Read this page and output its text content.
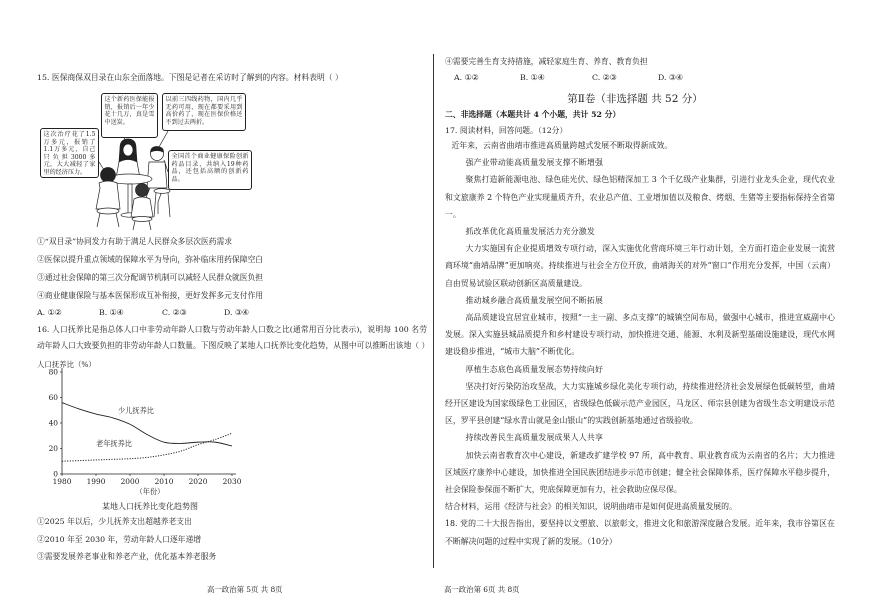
15. 医保商保双目录在山东全面落地。下图是记者在采访时了解到的内容。材料表明（ ）
这个新药医保能报销，报销后一年少花十几万，真是雪中送炭。
以前三四线药物，国内几乎无药可用，现在都要采用到高价药了，现在医保价格还不到过去两折。
这次治疗花了1.5万多元，报销了1.1万多元，自己只负担3000多元，大大减轻了家里的经济压力。
全国首个商业健康保险创新药品目录，共纳入19种药品，还包括高额的创新药品。
①“双目录”协同发力有助于满足人民群众多层次医药需求
②医保以提升重点领域的保障水平为导向，弥补临床用药保障空白
③通过社会保障的第三次分配调节机制可以减轻人民群众就医负担
④商业健康保险与基本医保形成互补衔接，更好发挥多元支付作用
A. ①②	B. ①④	C. ②③	D. ③④
16. 人口抚养比是指总体人口中非劳动年龄人口数与劳动年龄人口数之比(通常用百分比表示)，说明每 100 名劳动年龄人口大致要负担的非劳动年龄人口数量。下图反映了某地人口抚养比变化趋势，从图中可以推断出该地（ ）
人口抚养比（%）
0
20
40
60
80
1980 1990 2000 2010 2020 2030
少儿抚养比
老年抚养比
（年份）
某地人口抚养比变化趋势图
①2025 年以后，少儿抚养支出超越养老支出
②2010 年至 2030 年，劳动年龄人口逐年递增
③需要发展养老事业和养老产业，优化基本养老服务
④需要完善生育支持措施，减轻家庭生育、养育、教育负担
A. ①②	B. ①④	C. ②③	D. ③④
第Ⅱ卷（非选择题 共 52 分）
二、非选择题（本题共计 4 个小题，共计 52 分）
17. 阅读材料，回答问题。（12分）

近年来，云南省曲靖市推进高质量跨越式发展不断取得新成效。

强产业带动能高质量发展支撑不断增强

聚焦打造新能源电池、绿色硅光伏、绿色铝精深加工 3 个千亿级产业集群，引进行业龙头企业，现代农业和文旅康养 2 个特色产业实现量质齐升，农业总产值、工业增加值以及粮食、烤烟、生猪等主要指标保持全省第一。

抓改革优化高质量发展活力充分激发

大力实施国有企业提质增效专项行动，深入实施优化营商环境三年行动计划，全方面打造企业发展一流营商环境“曲靖品牌”更加响亮。持续推进与社会全方位开放，曲靖海关的对外“窗口”作用充分发挥，中国（云南）自由贸易试验区联动创新区高质量建设。

推动城乡融合高质量发展空间不断拓展

高品质建设宜居宜业城市，按照“一主一副、多点支撑”的城镇空间布局，做强中心城市，推进宣威副中心发展。深入实施县城品质提升和乡村建设专项行动，加快推进交通、能源、水利及新型基础设施建设，现代水网建设稳步推进，“城市大脑”不断优化。

厚植生态底色高质量发展态势持续向好

坚决打好污染防治攻坚战，大力实施城乡绿化美化专项行动，持续推进经济社会发展绿色低碳转型，曲靖经开区建设为国家级绿色工业园区，省级绿色低碳示范产业园区，马龙区、师宗县创建为省级生态文明建设示范区，罗平县创建“绿水青山就是金山银山”的实践创新基地通过省级验收。

持续改善民生高质量发展成果人人共享

加快云南省教育次中心建设，新建改扩建学校 97 所，高中教育、职业教育成为云南省的名片；大力推进区域医疗康养中心建设，加快推进全国民族团结进步示范市创建；健全社会保障体系，医疗保障水平稳步提升，社会保险参保面不断扩大，兜底保障更加有力，社会救助应保尽保。

结合材料，运用《经济与社会》的相关知识，说明曲靖市是如何促进高质量发展的。

18. 党的二十大报告指出，要坚持以文塑旅、以旅彰文，推进文化和旅游深度融合发展。近年来，我市谷第区在不断解决问题的过程中实现了新的发展。（10分）

高一政治第 5页 共 8页	高一政治第 6页 共 8页
